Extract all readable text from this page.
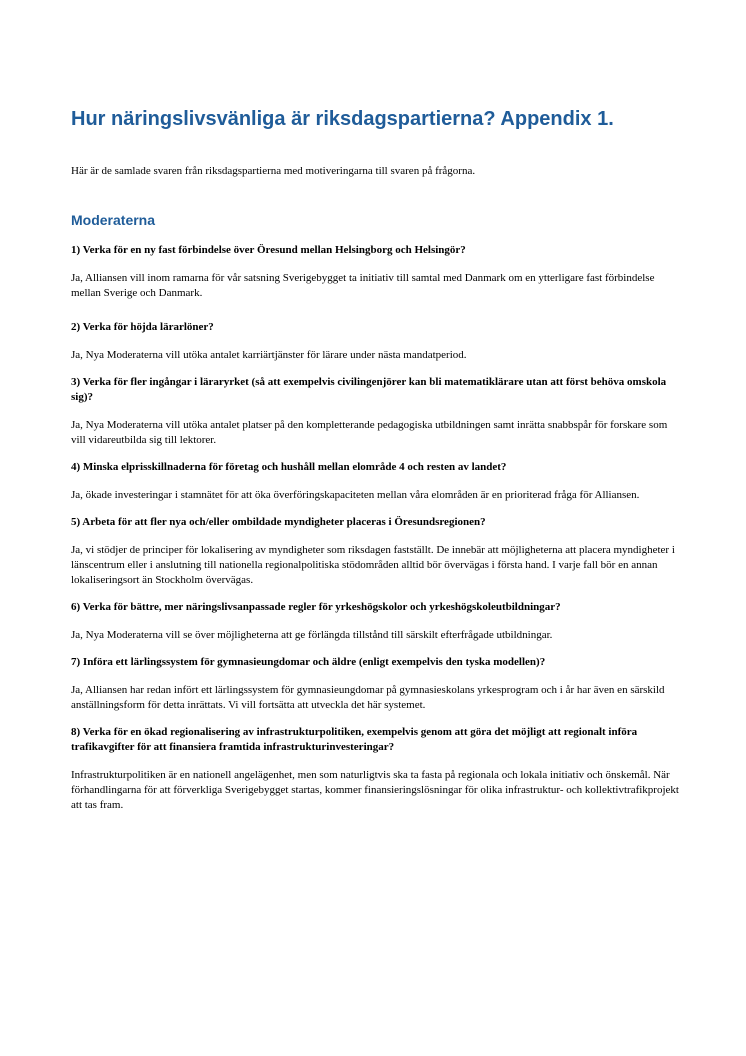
Hur näringslivsvänliga är riksdagspartierna? Appendix 1.

Här är de samlade svaren från riksdagspartierna med motiveringarna till svaren på frågorna.

Moderaterna

1) Verka för en ny fast förbindelse över Öresund mellan Helsingborg och Helsingör?

Ja, Alliansen vill inom ramarna för vår satsning Sverigebygget ta initiativ till samtal med Danmark om en ytterligare fast förbindelse mellan Sverige och Danmark.

2) Verka för höjda lärarlöner?

Ja, Nya Moderaterna vill utöka antalet karriärtjänster för lärare under nästa mandatperiod.

3) Verka för fler ingångar i läraryrket (så att exempelvis civilingenjörer kan bli matematiklärare utan att först behöva omskola sig)?

Ja, Nya Moderaterna vill utöka antalet platser på den kompletterande pedagogiska utbildningen samt inrätta snabbspår för forskare som vill vidareutbilda sig till lektorer.

4) Minska elprisskillnaderna för företag och hushåll mellan elområde 4 och resten av landet?

Ja, ökade investeringar i stamnätet för att öka överföringskapaciteten mellan våra elområden är en prioriterad fråga för Alliansen.

5) Arbeta för att fler nya och/eller ombildade myndigheter placeras i Öresundsregionen?

Ja, vi stödjer de principer för lokalisering av myndigheter som riksdagen fastställt. De innebär att möjligheterna att placera myndigheter i länscentrum eller i anslutning till nationella regionalpolitiska stödområden alltid bör övervägas i första hand. I varje fall bör en annan lokaliseringsort än Stockholm övervägas.

6) Verka för bättre, mer näringslivsanpassade regler för yrkeshögskolor och yrkeshögskoleutbildningar?

Ja, Nya Moderaterna vill se över möjligheterna att ge förlängda tillstånd till särskilt efterfrågade utbildningar.

7) Införa ett lärlingssystem för gymnasieungdomar och äldre (enligt exempelvis den tyska modellen)?

Ja, Alliansen har redan infört ett lärlingssystem för gymnasieungdomar på gymnasieskolans yrkesprogram och i år har även en särskild anställningsform för detta inrättats. Vi vill fortsätta att utveckla det här systemet.

8) Verka för en ökad regionalisering av infrastrukturpolitiken, exempelvis genom att göra det möjligt att regionalt införa trafikavgifter för att finansiera framtida infrastrukturinvesteringar?

Infrastrukturpolitiken är en nationell angelägenhet, men som naturligtvis ska ta fasta på regionala och lokala initiativ och önskemål. När förhandlingarna för att förverkliga Sverigebygget startas, kommer finansieringslösningar för olika infrastruktur- och kollektivtrafikprojekt att tas fram.
